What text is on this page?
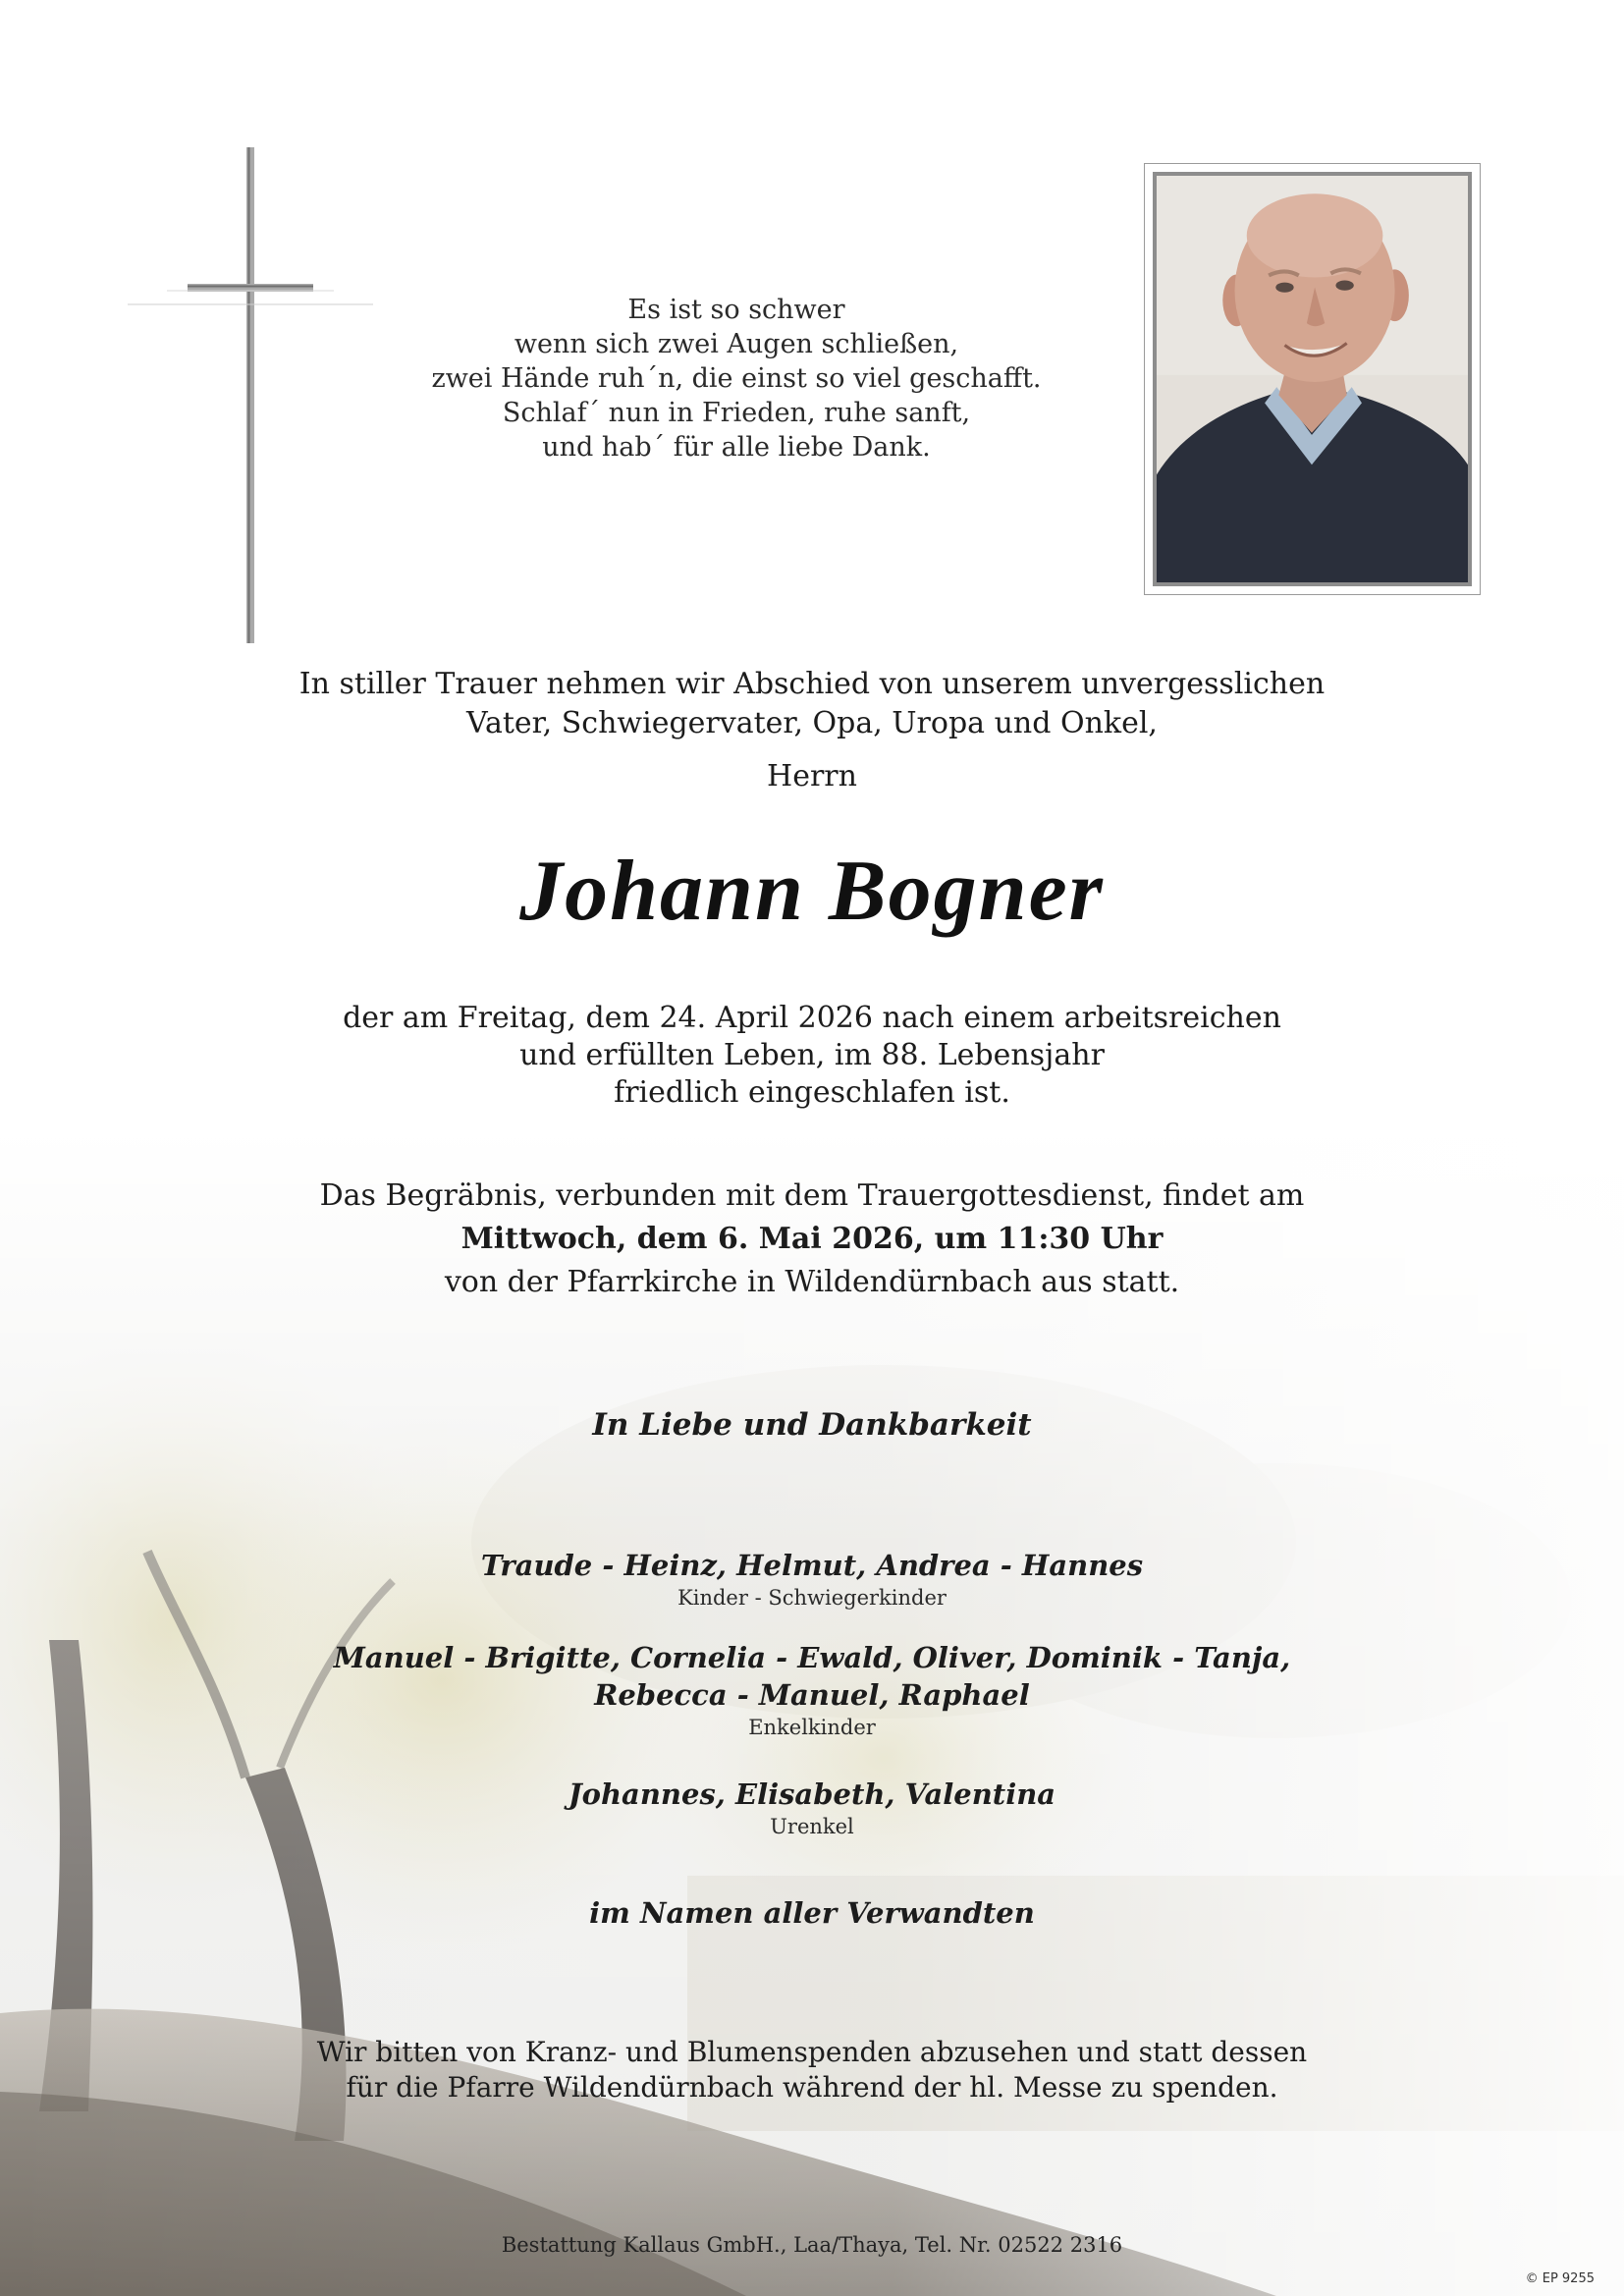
Es ist so schwer
wenn sich zwei Augen schließen,
zwei Hände ruh´n, die einst so viel geschafft.
Schlaf´ nun in Frieden, ruhe sanft,
und hab´ für alle liebe Dank.
In stiller Trauer nehmen wir Abschied von unserem unvergesslichen
Vater, Schwiegervater, Opa, Uropa und Onkel,
Herrn
Johann Bogner
der am Freitag, dem 24. April 2026 nach einem arbeitsreichen
und erfüllten Leben, im 88. Lebensjahr
friedlich eingeschlafen ist.
Das Begräbnis, verbunden mit dem Trauergottesdienst, findet am
Mittwoch, dem 6. Mai 2026, um 11:30 Uhr
von der Pfarrkirche in Wildendürnbach aus statt.
In Liebe und Dankbarkeit
Traude - Heinz, Helmut, Andrea - Hannes
Kinder - Schwiegerkinder
Manuel - Brigitte, Cornelia - Ewald, Oliver, Dominik - Tanja,
Rebecca - Manuel, Raphael
Enkelkinder
Johannes, Elisabeth, Valentina
Urenkel
im Namen aller Verwandten
Wir bitten von Kranz- und Blumenspenden abzusehen und statt dessen
für die Pfarre Wildendürnbach während der hl. Messe zu spenden.
Bestattung Kallaus GmbH., Laa/Thaya, Tel. Nr. 02522 2316
© EP 9255
